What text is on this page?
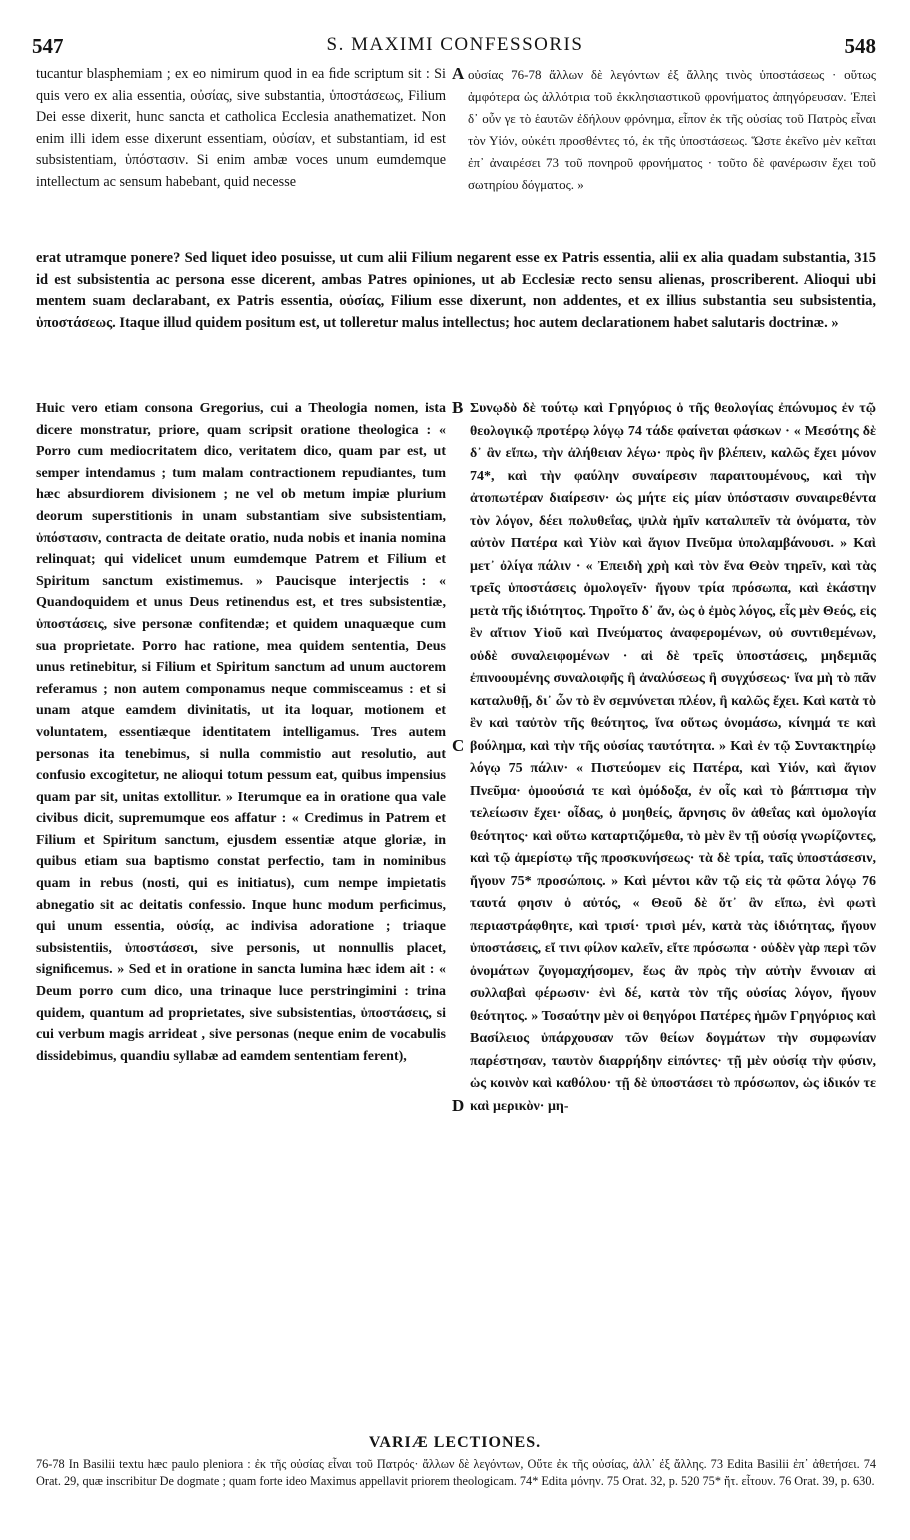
547	S. MAXIMI CONFESSORIS	548

tucantur blasphemiam ; ex eo nimirum quod in ea ﬁde scriptum sit : Si quis vero ex alia essentia, οὐσίας, sive substantia, ὑποστάσεως, Filium Dei esse dixerit, hunc sancta et catholica Ecclesia anathematizet. Non enim illi idem esse dixerunt essentiam, οὐσίαν, et substantiam, id est subsistentiam, ὑπόστασιν. Si enim ambæ voces unum eumdemque intellectum ac sensum habebant, quid necesse

A οὐσίας 76-78 ἄλλων δὲ λεγόντων ἐξ ἄλλης τινὸς ὑποστάσεως · οὕτως ἀμφότερα ὡς ἀλλότρια τοῦ ἐκκλησιαστικοῦ φρονήματος ἀπηγόρευσαν. Ἐπεὶ δ᾽ οὖν γε τὸ ἑαυτῶν ἐδήλουν φρόνημα, εἶπον ἐκ τῆς οὐσίας τοῦ Πατρὸς εἶναι τὸν Υἱόν, οὐκέτι προσθέντες τό, ἐκ τῆς ὑποστάσεως. Ὥστε ἐκεῖνο μὲν κεῖται ἐπ᾽ ἀναιρέσει 73 τοῦ πονηροῦ φρονήματος · τοῦτο δὲ φανέρωσιν ἔχει τοῦ σωτηρίου δόγματος. »

erat utramque ponere? Sed liquet ideo posuisse, ut cum alii Filium negarent esse ex Patris essentia, alii ex alia quadam substantia, 315 id est subsistentia ac persona esse dicerent, ambas Patres opiniones, ut ab Ecclesiæ recto sensu alienas, proscriberent. Alioqui ubi mentem suam declarabant, ex Patris essentia, οὐσίας, Filium esse dixerunt, non addentes, et ex illius substantia seu subsistentia, ὑποστάσεως. Itaque illud quidem positum est, ut tolleretur malus intellectus; hoc autem declarationem habet salutaris doctrinæ. »

Huic vero etiam consona Gregorius, cui a Theologia nomen, ista dicere monstratur, priore, quam scripsit oratione theologica : « Porro cum mediocritatem dico, veritatem dico, quam par est, ut semper intendamus ; tum malam contractionem repudiantes, tum hæc absurdiorem divisionem ; ne vel ob metum impiæ plurium deorum superstitionis in unam substantiam sive subsistentiam, ὑπόστασιν, contracta de deitate oratio, nuda nobis et inania nomina relinquat; qui videlicet unum eumdemque Patrem et Filium et Spiritum sanctum existimemus. » Paucisque interjectis : « Quandoquidem et unus Deus retinendus est, et tres subsistentiæ, ὑποστάσεις, sive personæ confitendæ; et quidem unaquæque cum sua proprietate. Porro hac ratione, mea quidem sententia, Deus unus retinebitur, si Filium et Spiritum sanctum ad unum auctorem referamus ; non autem componamus neque commisceamus : et si unam atque eamdem divinitatis, ut ita loquar, motionem et voluntatem, essentiæque identitatem intelligamus. Tres autem personas ita tenebimus, si nulla commistio aut resolutio, aut confusio excogitetur, ne alioqui totum pessum eat, quibus impensius quam par sit, unitas extollitur. » Iterumque ea in oratione qua vale civibus dicit, supremumque eos affatur : « Credimus in Patrem et Filium et Spiritum sanctum, ejusdem essentiæ atque gloriæ, in quibus etiam sua baptismo constat perfectio, tam in nominibus quam in rebus (nosti, qui es initiatus), cum nempe impietatis abnegatio sit ac deitatis confessio. Inque hunc modum perﬁcimus, qui unum essentia, οὐσίᾳ, ac indivisa adoratione ; triaque subsistentiis, ὑποστάσεσι, sive personis, ut nonnullis placet, signiﬁcemus. » Sed et in oratione in sancta lumina hæc idem ait : « Deum porro cum dico, una trinaque luce perstringimini : trina quidem, quantum ad proprietates, sive subsistentias, ὑποστάσεις, si cui verbum magis arrideat , sive personas (neque enim de vocabulis dissidebimus, quandiu syllabæ ad eamdem sententiam ferent),

B
C
D

Συνῳδὸ δὲ τούτῳ καὶ Γρηγόριος ὁ τῆς θεολογίας ἐπώνυμος ἐν τῷ θεολογικῷ προτέρῳ λόγῳ 74 τάδε φαίνεται φάσκων · « Μεσότης δὲ δ᾽ ἂν εἴπω, τὴν ἀλήθειαν λέγω· πρὸς ἣν βλέπειν, καλῶς ἔχει μόνον 74*, καὶ τὴν φαύλην συναίρεσιν παραιτουμένους, καὶ τὴν ἀτοπωτέραν διαίρεσιν· ὡς μήτε εἰς μίαν ὑπόστασιν συναιρεθέντα τὸν λόγον, δέει πολυθεΐας, ψιλὰ ἡμῖν καταλιπεῖν τὰ ὀνόματα, τὸν αὐτὸν Πατέρα καὶ Υἱὸν καὶ ἅγιον Πνεῦμα ὑπολαμβάνουσι. » Καὶ μετ᾽ ὀλίγα πάλιν · « Ἐπειδὴ χρὴ καὶ τὸν ἕνα Θεὸν τηρεῖν, καὶ τὰς τρεῖς ὑποστάσεις ὁμολογεῖν· ἤγουν τρία πρόσωπα, καὶ ἑκάστην μετὰ τῆς ἰδιότητος. Τηροῖτο δ᾽ ἄν, ὡς ὁ ἐμὸς λόγος, εἷς μὲν Θεός, εἰς ἓν αἴτιον Υἱοῦ καὶ Πνεύματος ἀναφερομένων, οὐ συντιθεμένων, οὐδὲ συναλειφομένων · αἱ δὲ τρεῖς ὑποστάσεις, μηδεμιᾶς ἐπινοουμένης συναλοιφῆς ἢ ἀναλύσεως ἢ συγχύσεως· ἵνα μὴ τὸ πᾶν καταλυθῇ, δι᾽ ὧν τὸ ἓν σεμνύνεται πλέον, ἢ καλῶς ἔχει. Καὶ κατὰ τὸ ἓν καὶ ταὐτὸν τῆς θεότητος, ἵνα οὕτως ὀνομάσω, κίνημά τε καὶ βούλημα, καὶ τὴν τῆς οὐσίας ταυτότητα. » Καὶ ἐν τῷ Συντακτηρίῳ λόγῳ 75 πάλιν· « Πιστεύομεν εἰς Πατέρα, καὶ Υἱόν, καὶ ἅγιον Πνεῦμα· ὁμοούσιά τε καὶ ὁμόδοξα, ἐν οἷς καὶ τὸ βάπτισμα τὴν τελείωσιν ἔχει· οἶδας, ὁ μυηθείς, ἄρνησις ὂν ἀθεΐας καὶ ὁμολογία θεότητος· καὶ οὕτω καταρτιζόμεθα, τὸ μὲν ἓν τῇ οὐσίᾳ γνωρίζοντες, καὶ τῷ ἀμερίστῳ τῆς προσκυνήσεως· τὰ δὲ τρία, ταῖς ὑποστάσεσιν, ἤγουν 75* προσώποις. » Καὶ μέντοι κἂν τῷ εἰς τὰ φῶτα λόγῳ 76 ταυτά φησιν ὁ αὐτός, « Θεοῦ δὲ ὅτ᾽ ἂν εἴπω, ἑνὶ φωτὶ περιαστράφθητε, καὶ τρισί· τρισὶ μέν, κατὰ τὰς ἰδιότητας, ἤγουν ὑποστάσεις, εἴ τινι φίλον καλεῖν, εἴτε πρόσωπα · οὐδὲν γὰρ περὶ τῶν ὀνομάτων ζυγομαχήσομεν, ἕως ἂν πρὸς τὴν αὐτὴν ἔννοιαν αἱ συλλαβαὶ φέρωσιν· ἑνὶ δέ, κατὰ τὸν τῆς οὐσίας λόγον, ἤγουν θεότητος. » Τοσαύτην μὲν οἱ θεηγόροι Πατέρες ἡμῶν Γρηγόριος καὶ Βασίλειος ὑπάρχουσαν τῶν θείων δογμάτων τὴν συμφωνίαν παρέστησαν, ταυτὸν διαρρήδην εἰπόντες· τῇ μὲν οὐσίᾳ τὴν φύσιν, ὡς κοινὸν καὶ καθόλου· τῇ δὲ ὑποστάσει τὸ πρόσωπον, ὡς ἰδικόν τε καὶ μερικὸν· μη-

VARIÆ LECTIONES.

76-78 In Basilii textu hæc paulo pleniora : ἐκ τῆς οὐσίας εἶναι τοῦ Πατρός· ἄλλων δὲ λεγόντων, Οὔτε ἐκ τῆς οὐσίας, ἀλλ᾽ ἐξ ἄλλης. 73 Edita Basilii ἐπ᾽ ἀθετήσει. 74 Orat. 29, quæ inscribitur De dogmate ; quam forte ideo Maximus appellavit priorem theologicam. 74* Edita μόνην. 75 Orat. 32, p. 520 75* ἤτ. εἶτουν. 76 Orat. 39, p. 630.
